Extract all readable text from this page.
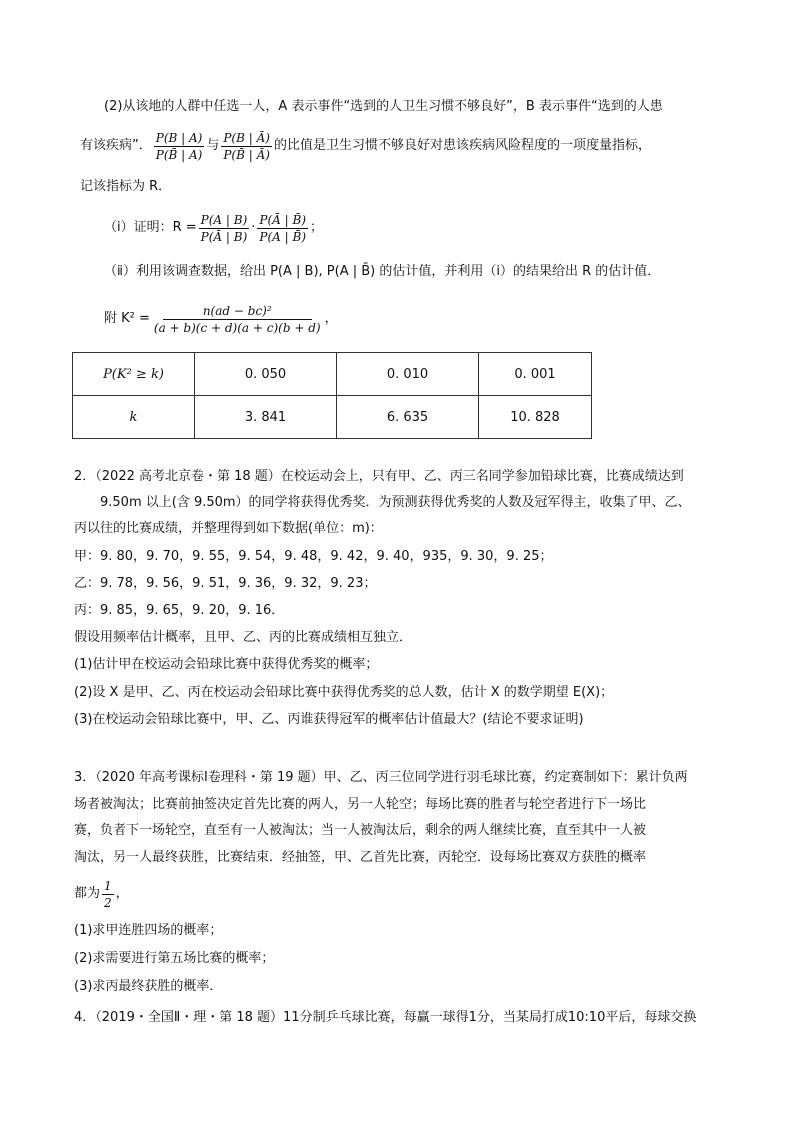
(2)从该地的人群中任选一人，A 表示事件“选到的人卫生习惯不够良好”，B 表示事件“选到的人患
有该疾病”． $\frac{P(B | A)}{P(B̄ | A)}$ 与 $\frac{P(B | Ā)}{P(B̄ | Ā)}$ 的比值是卫生习惯不够良好对患该疾病风险程度的一项度量指标，
记该指标为 R．
（ⅰ）证明：$R = \frac{P(A | B)}{P(Ā | B)} \cdot \frac{P(Ā | B̄)}{P(A | B̄)}$ ；
（ⅱ）利用该调查数据，给出 P(A | B), P(A | B̄) 的估计值，并利用（ⅰ）的结果给出 R 的估计值．
附 $K^2 = \frac{\text{n(ad − bc)²}}{(a + b)(c + d)(a + c)(b + d)}$ ，
P(K² ≥ k)	0. 050	0. 010	0. 001
k	3. 841	6. 635	10. 828
2．（2022 高考北京卷・第 18 题）在校运动会上，只有甲、乙、丙三名同学参加铅球比赛，比赛成绩达到
9.50m 以上(含 9.50m）的同学将获得优秀奖．为预测获得优秀奖的人数及冠军得主，收集了甲、乙、
丙以往的比赛成绩，并整理得到如下数据(单位：m)：
甲：9. 80，9. 70，9. 55，9. 54，9. 48，9. 42，9. 40，935，9. 30，9. 25；
乙：9. 78，9. 56，9. 51，9. 36，9. 32，9. 23；
丙：9. 85，9. 65，9. 20，9. 16．
假设用频率估计概率，且甲、乙、丙的比赛成绩相互独立．
(1)估计甲在校运动会铅球比赛中获得优秀奖的概率；
(2)设 X 是甲、乙、丙在校运动会铅球比赛中获得优秀奖的总人数，估计 X 的数学期望 E(X)；
(3)在校运动会铅球比赛中，甲、乙、丙谁获得冠军的概率估计值最大？(结论不要求证明)
3．（2020 年高考课标Ⅰ卷理科・第 19 题）甲、乙、丙三位同学进行羽毛球比赛，约定赛制如下：累计负两
场者被淘汰；比赛前抽签决定首先比赛的两人，另一人轮空；每场比赛的胜者与轮空者进行下一场比
赛，负者下一场轮空，直至有一人被淘汰；当一人被淘汰后，剩余的两人继续比赛，直至其中一人被
淘汰，另一人最终获胜，比赛结束．经抽签，甲、乙首先比赛，丙轮空．设每场比赛双方获胜的概率
都为 $\frac{1}{2}$ ，
(1)求甲连胜四场的概率；
(2)求需要进行第五场比赛的概率；
(3)求丙最终获胜的概率．
4．（2019・全国Ⅱ・理・第 18 题）11分制乒乓球比赛，每赢一球得1分，当某局打成10:10平后，每球交换
